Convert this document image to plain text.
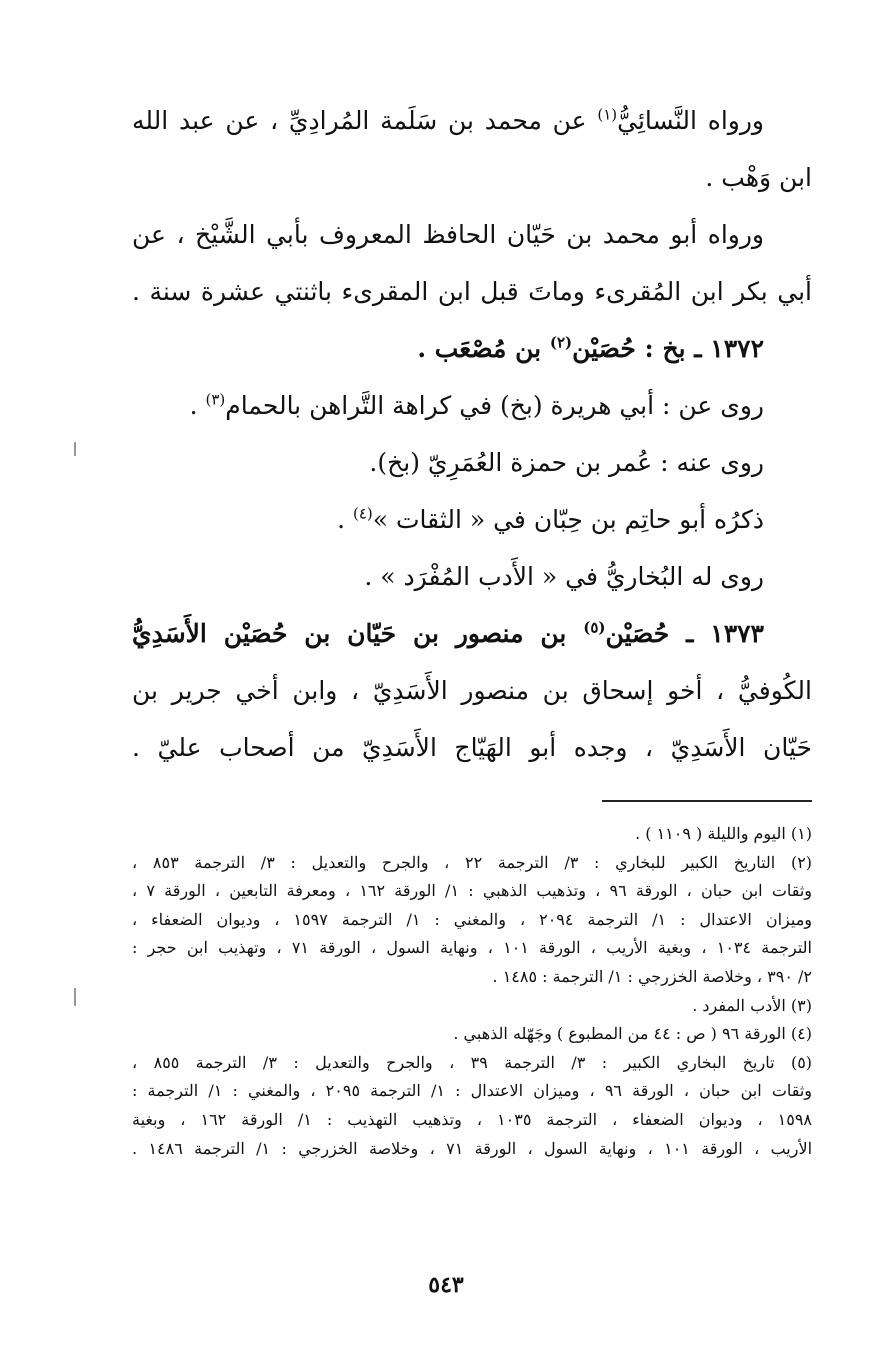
ورواه النَّسائِيُّ$^{(١)}$ عن محمد بن سَلَمة المُرادِيِّ ، عن عبد الله
ابن وَهْب .
ورواه أبو محمد بن حَيّان الحافظ المعروف بأبي الشَّيْخ ، عن
أبي بكر ابن المُقرىء وماتَ قبل ابن المقرىء باثنتي عشرة سنة .
١٣٧٢ ـ بخ : حُصَيْن$^{(٢)}$ بن مُصْعَب .
روى عن : أبي هريرة (بخ) في كراهة التَّراهن بالحمام$^{(٣)}$ .
روى عنه : عُمر بن حمزة العُمَرِيّ (بخ).
ذكرُه أبو حاتِم بن حِبّان في « الثقات »$^{(٤)}$ .
روى له البُخاريُّ في « الأَدب المُفْرَد » .
١٣٧٣ ـ حُصَيْن$^{(٥)}$ بن منصور بن حَيّان بن حُصَيْن الأَسَدِيُّ
الكُوفيُّ ، أخو إسحاق بن منصور الأَسَدِيّ ، وابن أخي جرير بن
حَيّان الأَسَدِيّ ، وجده أبو الهَيّاج الأَسَدِيّ من أصحاب عليّ .
(١) اليوم والليلة ( ١١٠٩ ) .
(٢) التاريخ الكبير للبخاري : ٣/ الترجمة ٢٢ ، والجرح والتعديل : ٣/ الترجمة ٨٥٣ ،
وثقات ابن حبان ، الورقة ٩٦ ، وتذهيب الذهبي : ١/ الورقة ١٦٢ ، ومعرفة التابعين ، الورقة ٧ ،
وميزان الاعتدال : ١/ الترجمة ٢٠٩٤ ، والمغني : ١/ الترجمة ١٥٩٧ ، وديوان الضعفاء ،
الترجمة ١٠٣٤ ، وبغية الأريب ، الورقة ١٠١ ، ونهاية السول ، الورقة ٧١ ، وتهذيب ابن حجر :
٢/ ٣٩٠ ، وخلاصة الخزرجي : ١/ الترجمة : ١٤٨٥ .
(٣) الأدب المفرد .
(٤) الورقة ٩٦ ( ص : ٤٤ من المطبوع ) وجَهّله الذهبي .
(٥) تاريخ البخاري الكبير : ٣/ الترجمة ٣٩ ، والجرح والتعديل : ٣/ الترجمة ٨٥٥ ،
وثقات ابن حبان ، الورقة ٩٦ ، وميزان الاعتدال : ١/ الترجمة ٢٠٩٥ ، والمغني : ١/ الترجمة :
١٥٩٨ ، وديوان الضعفاء ، الترجمة ١٠٣٥ ، وتذهيب التهذيب : ١/ الورقة ١٦٢ ، وبغية
الأريب ، الورقة ١٠١ ، ونهاية السول ، الورقة ٧١ ، وخلاصة الخزرجي : ١/ الترجمة ١٤٨٦ .
٥٤٣
